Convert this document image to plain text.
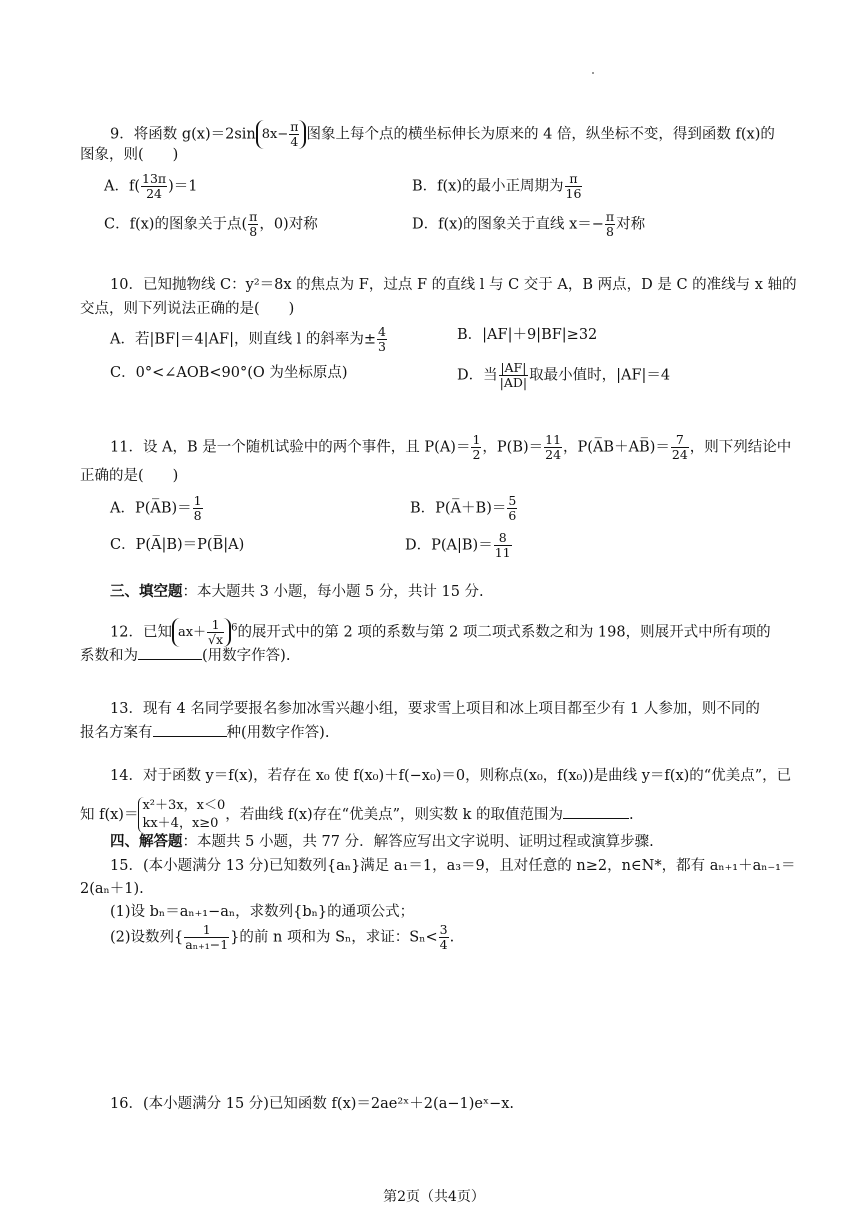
9．将函数 g(x)＝2sin $8x- \frac{\pi}{4}$ 图象上每个点的横坐标伸长为原来的 4 倍，纵坐标不变，得到函数 f(x)的
图象，则(　　)
A．$f( \frac{13\pi}{24} )=1$	B．f(x)的最小正周期为 $\frac{\pi}{16}$
C．f(x)的图象关于点( $\frac{\pi}{8}$ ，0)对称	D．f(x)的图象关于直线 $x=- \frac{\pi}{8}$ 对称
10．已知抛物线 C：y²＝8x 的焦点为 F，过点 F 的直线 l 与 C 交于 A，B 两点，D 是 C 的准线与 x 轴的
交点，则下列说法正确的是(　　)
A．若|BF|＝4|AF|，则直线 l 的斜率为± $\frac{4}{3}$	B．|AF|＋9|BF|≥32
C．0°<∠AOB<90°(O 为坐标原点)	D．当 $\frac{|AF|}{|AD|}$ 取最小值时，|AF|＝4
11．设 A，B 是一个随机试验中的两个事件，且 $P(A)= \frac{1}{2}$ ，$P(B)= \frac{11}{24}$ ，P(A̅B＋AB̅)＝ $\frac{7}{24}$ ，则下列结论中
正确的是(　　)
A．P(A̅B)＝ $\frac{1}{8}$	B．P(A̅＋B)＝ $\frac{5}{6}$
C．P(A̅|B)＝P(B̅|A)	D．$P(A|B)= \frac{8}{11}$
三、填空题：本大题共 3 小题，每小题 5 分，共计 15 分.
12．已知 $ax+ \frac{1}{√x} ^6$的展开式中的第 2 项的系数与第 2 项二项式系数之和为 198，则展开式中所有项的
系数和为	(用数字作答).
13．现有 4 名同学要报名参加冰雪兴趣小组，要求雪上项目和冰上项目都至少有 1 人参加，则不同的
报名方案有	种(用数字作答).
14．对于函数 y＝f(x)，若存在 x₀ 使 f(x₀)＋f(−x₀)＝0，则称点(x₀，f(x₀))是曲线 y＝f(x)的“优美点”，已
知 f(x)＝
x²＋3x，x＜0
kx＋4，x≥0
，若曲线 f(x)存在“优美点”，则实数 k 的取值范围为	.
四、解答题：本题共 5 小题，共 77 分．解答应写出文字说明、证明过程或演算步骤.
15．(本小题满分 13 分)已知数列{aₙ}满足 a₁＝1，a₃＝9，且对任意的 n≥2，n∈N*，都有 aₙ₊₁＋aₙ₋₁＝
2(aₙ＋1).
(1)设 bₙ＝aₙ₊₁−aₙ，求数列{bₙ}的通项公式；
(2)设数列{ $\frac{1}{\text{aₙ₊₁−1}}$ }的前 n 项和为 Sₙ，求证：$S_n< \frac{3}{4}$ .
16．(本小题满分 15 分)已知函数 f(x)＝2ae²ˣ＋2(a−1)eˣ−x.
第2页（共4页）
